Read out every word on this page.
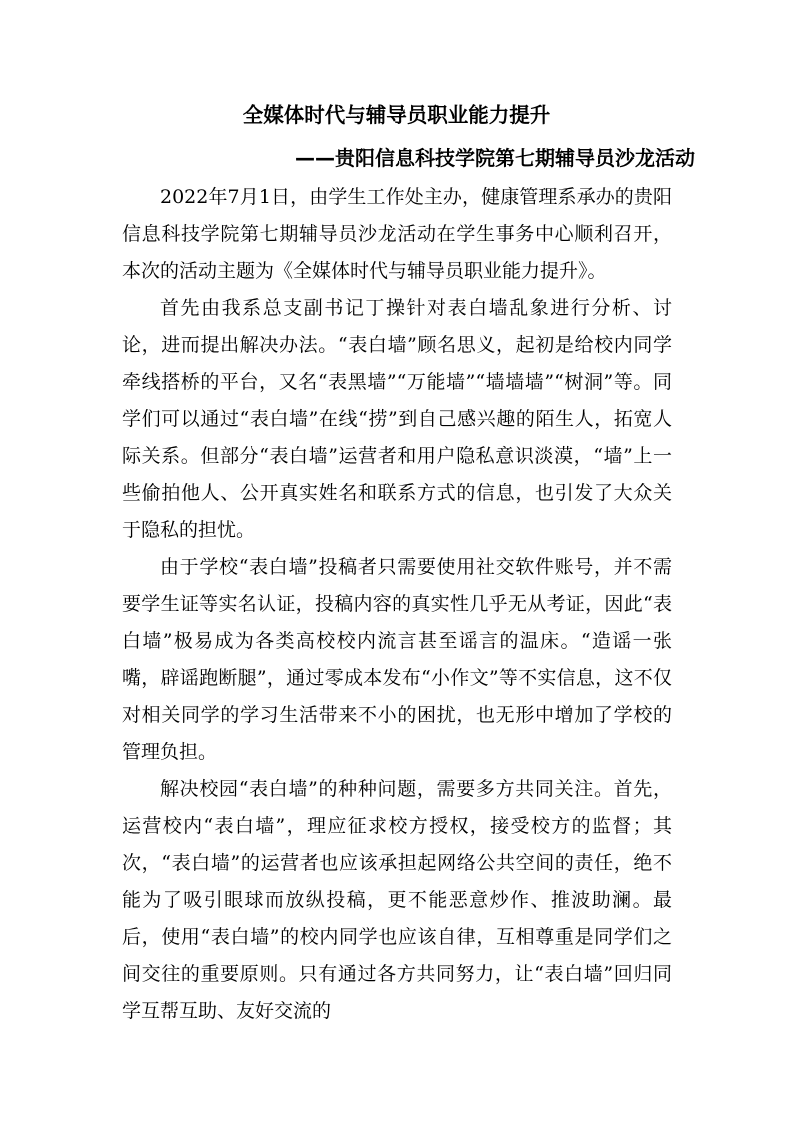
全媒体时代与辅导员职业能力提升
——贵阳信息科技学院第七期辅导员沙龙活动

2022年7月1日，由学生工作处主办，健康管理系承办的贵阳信息科技学院第七期辅导员沙龙活动在学生事务中心顺利召开，本次的活动主题为《全媒体时代与辅导员职业能力提升》。

首先由我系总支副书记丁操针对表白墙乱象进行分析、讨论，进而提出解决办法。“表白墙”顾名思义，起初是给校内同学牵线搭桥的平台，又名“表黑墙”“万能墙”“墙墙墙”“树洞”等。同学们可以通过“表白墙”在线“捞”到自己感兴趣的陌生人，拓宽人际关系。但部分“表白墙”运营者和用户隐私意识淡漠，“墙”上一些偷拍他人、公开真实姓名和联系方式的信息，也引发了大众关于隐私的担忧。

由于学校“表白墙”投稿者只需要使用社交软件账号，并不需要学生证等实名认证，投稿内容的真实性几乎无从考证，因此“表白墙”极易成为各类高校校内流言甚至谣言的温床。“造谣一张嘴，辟谣跑断腿”，通过零成本发布“小作文”等不实信息，这不仅对相关同学的学习生活带来不小的困扰，也无形中增加了学校的管理负担。

解决校园“表白墙”的种种问题，需要多方共同关注。首先，运营校内“表白墙”，理应征求校方授权，接受校方的监督；其次，“表白墙”的运营者也应该承担起网络公共空间的责任，绝不能为了吸引眼球而放纵投稿，更不能恶意炒作、推波助澜。最后，使用“表白墙”的校内同学也应该自律，互相尊重是同学们之间交往的重要原则。只有通过各方共同努力，让“表白墙”回归同学互帮互助、友好交流的
